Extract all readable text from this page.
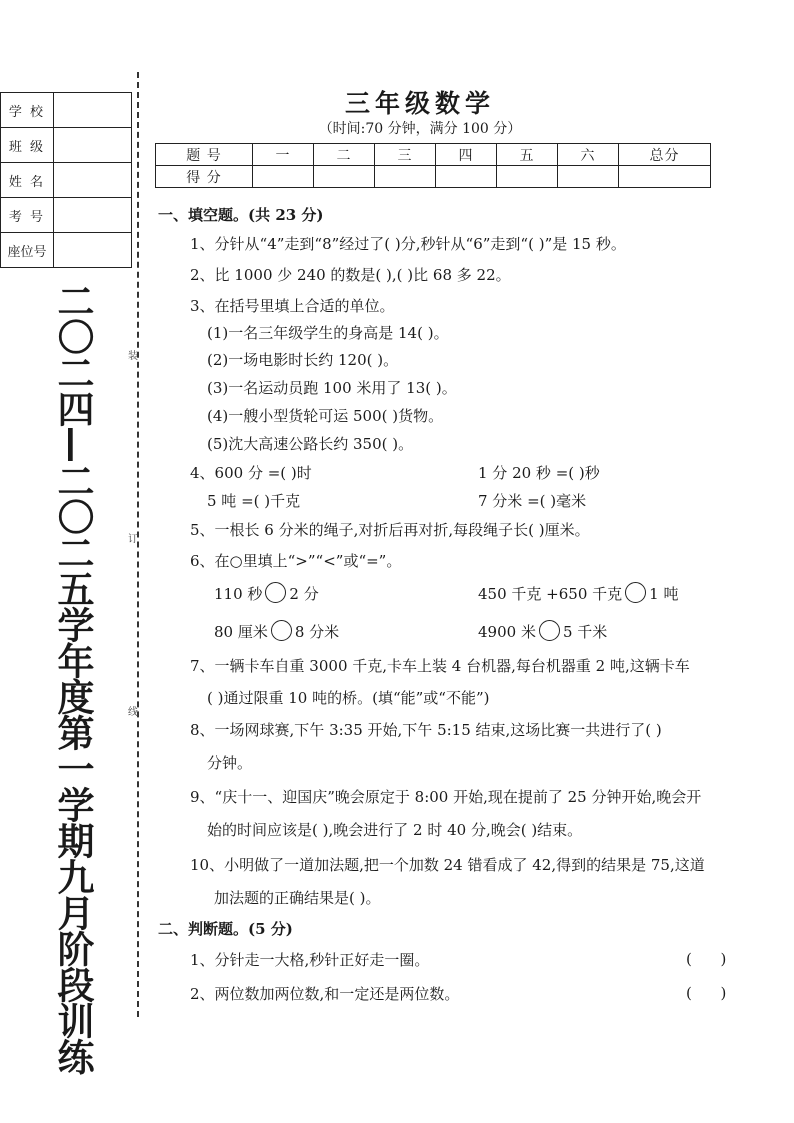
学 校	
班 级	
姓 名	
考 号	
座位号	
二〇二四—二〇二五学年度第一学期九月阶段训练	装
订
线
三年级数学
（时间:70 分钟，满分 100 分）
题 号	一	二	三	四	五	六	总分
得 分							
一、填空题。(共 23 分)
1、分针从“4”走到“8”经过了( )分,秒针从“6”走到“( )”是 15 秒。
2、比 1000 少 240 的数是( ),( )比 68 多 22。
3、在括号里填上合适的单位。
(1)一名三年级学生的身高是 14( )。
(2)一场电影时长约 120( )。
(3)一名运动员跑 100 米用了 13( )。
(4)一艘小型货轮可运 500( )货物。
(5)沈大高速公路长约 350( )。
4、600 分 =( )时	1 分 20 秒 =( )秒
5 吨 =( )千克	7 分米 =( )毫米
5、一根长 6 分米的绳子,对折后再对折,每段绳子长( )厘米。
6、在○里填上“>”“<”或“=”。
110 秒 2 分	450 千克 +650 千克 1 吨
80 厘米 8 分米	4900 米 5 千米
7、一辆卡车自重 3000 千克,卡车上装 4 台机器,每台机器重 2 吨,这辆卡车
( )通过限重 10 吨的桥。(填“能”或“不能”)
8、一场网球赛,下午 3:35 开始,下午 5:15 结束,这场比赛一共进行了( )
分钟。
9、“庆十一、迎国庆”晚会原定于 8:00 开始,现在提前了 25 分钟开始,晚会开
始的时间应该是( ),晚会进行了 2 时 40 分,晚会( )结束。
10、小明做了一道加法题,把一个加数 24 错看成了 42,得到的结果是 75,这道
加法题的正确结果是( )。
二、判断题。(5 分)
1、分针走一大格,秒针正好走一圈。	(      )
2、两位数加两位数,和一定还是两位数。	(      )
